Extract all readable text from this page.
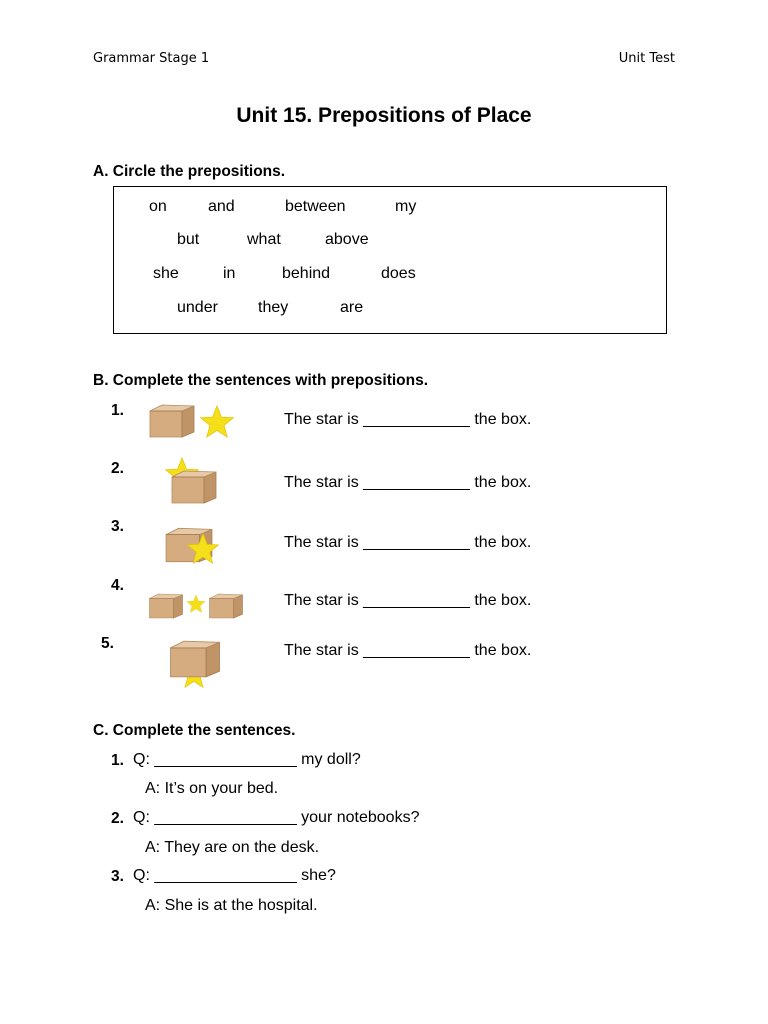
Grammar Stage 1	Unit Test
Unit 15. Prepositions of Place
A. Circle the prepositions.
on	and	between	my
but	what	above
she	in	behind	does
under	they	are
B. Complete the sentences with prepositions.
1.
The star is ____________ the box.
2.
The star is ____________ the box.
3.
The star is ____________ the box.
4.
The star is ____________ the box.
5.	The star is ____________ the box.
C. Complete the sentences.
1. Q: ________________ my doll?
A: It’s on your bed.
2. Q: ________________ your notebooks?
A: They are on the desk.
3. Q: ________________ she?
A: She is at the hospital.
